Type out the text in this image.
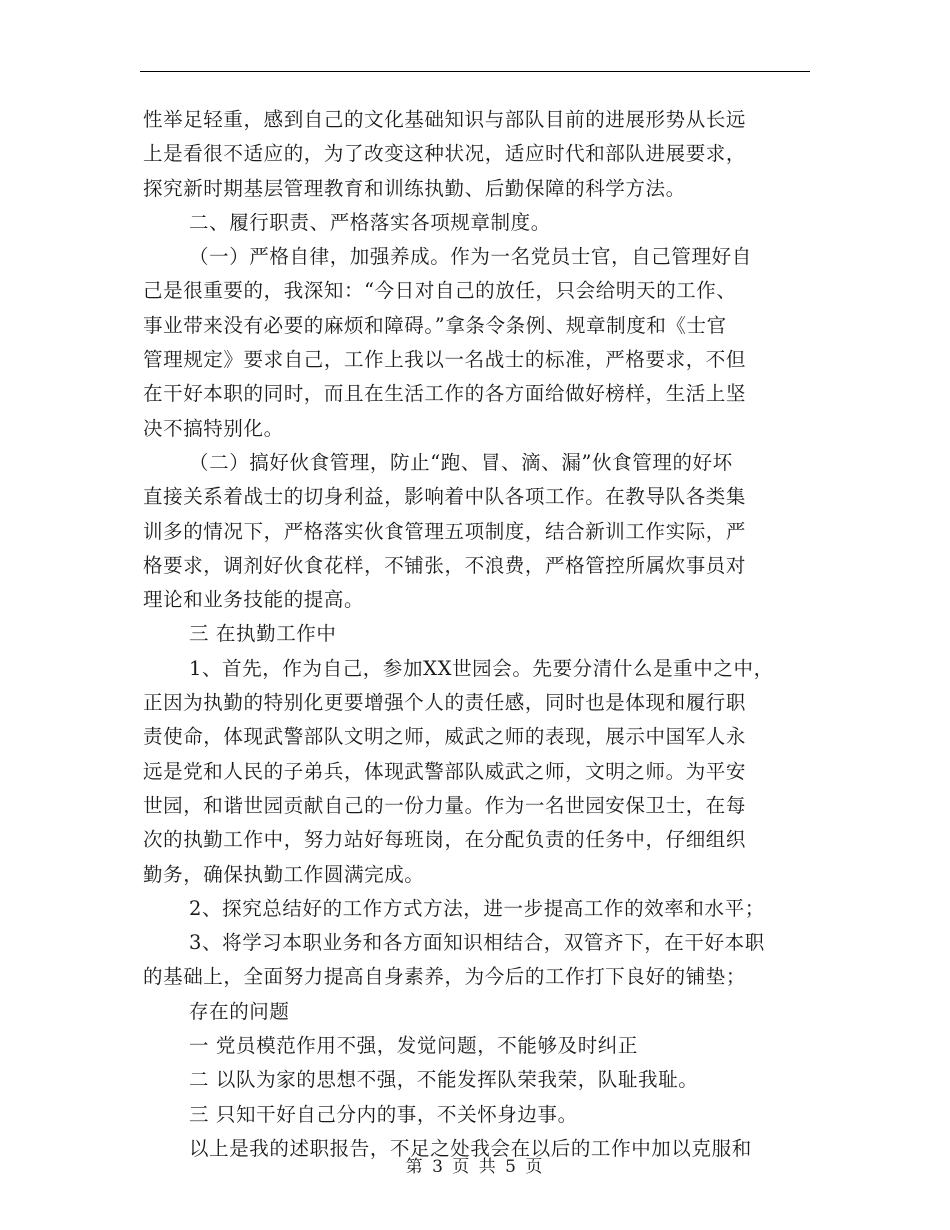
性举足轻重，感到自己的文化基础知识与部队目前的进展形势从长远
上是看很不适应的，为了改变这种状况，适应时代和部队进展要求，
探究新时期基层管理教育和训练执勤、后勤保障的科学方法。
二、履行职责、严格落实各项规章制度。
（一）严格自律，加强养成。作为一名党员士官，自己管理好自
己是很重要的，我深知：“今日对自己的放任，只会给明天的工作、
事业带来没有必要的麻烦和障碍。”拿条令条例、规章制度和《士官
管理规定》要求自己，工作上我以一名战士的标准，严格要求，不但
在干好本职的同时，而且在生活工作的各方面给做好榜样，生活上坚
决不搞特别化。
（二）搞好伙食管理，防止“跑、冒、滴、漏”伙食管理的好坏
直接关系着战士的切身利益，影响着中队各项工作。在教导队各类集
训多的情况下，严格落实伙食管理五项制度，结合新训工作实际，严
格要求，调剂好伙食花样，不铺张，不浪费，严格管控所属炊事员对
理论和业务技能的提高。
三 在执勤工作中
1、首先，作为自己，参加XX世园会。先要分清什么是重中之中，
正因为执勤的特别化更要增强个人的责任感，同时也是体现和履行职
责使命，体现武警部队文明之师，威武之师的表现，展示中国军人永
远是党和人民的子弟兵，体现武警部队威武之师，文明之师。为平安
世园，和谐世园贡献自己的一份力量。作为一名世园安保卫士，在每
次的执勤工作中，努力站好每班岗，在分配负责的任务中，仔细组织
勤务，确保执勤工作圆满完成。
2、探究总结好的工作方式方法，进一步提高工作的效率和水平；
3、将学习本职业务和各方面知识相结合，双管齐下，在干好本职
的基础上，全面努力提高自身素养，为今后的工作打下良好的铺垫；
存在的问题
一 党员模范作用不强，发觉问题，不能够及时纠正
二 以队为家的思想不强，不能发挥队荣我荣，队耻我耻。
三 只知干好自己分内的事，不关怀身边事。
以上是我的述职报告，不足之处我会在以后的工作中加以克服和
第 3 页 共 5 页
